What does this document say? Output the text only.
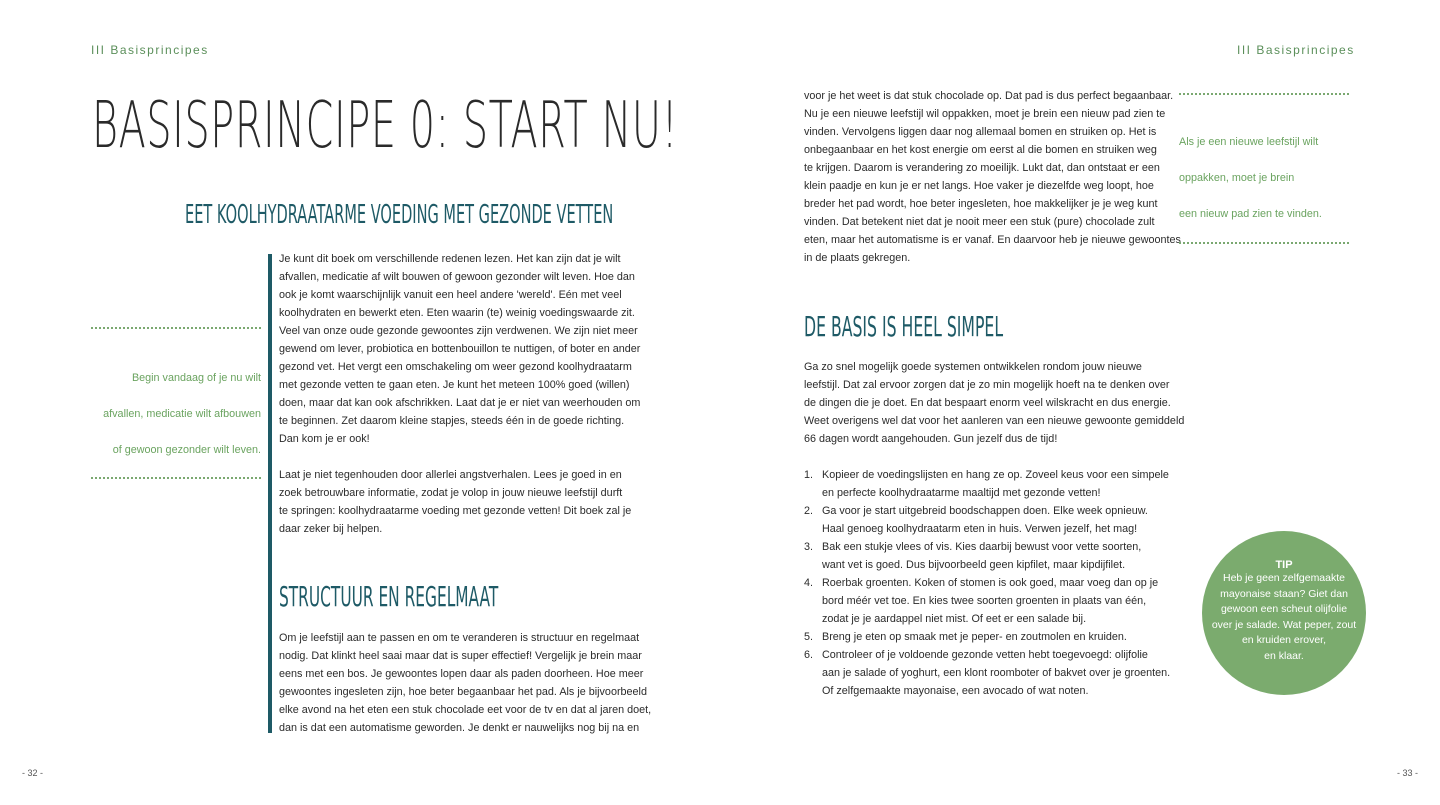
III Basisprincipes
BASISPRINCIPE 0: START NU!
EET KOOLHYDRAATARME VOEDING MET GEZONDE VETTEN
Je kunt dit boek om verschillende redenen lezen. Het kan zijn dat je wilt
afvallen, medicatie af wilt bouwen of gewoon gezonder wilt leven. Hoe dan
ook je komt waarschijnlijk vanuit een heel andere 'wereld'. Eén met veel
koolhydraten en bewerkt eten. Eten waarin (te) weinig voedingswaarde zit.
Veel van onze oude gezonde gewoontes zijn verdwenen. We zijn niet meer
gewend om lever, probiotica en bottenbouillon te nuttigen, of boter en ander
gezond vet. Het vergt een omschakeling om weer gezond koolhydraatarm
met gezonde vetten te gaan eten. Je kunt het meteen 100% goed (willen)
doen, maar dat kan ook afschrikken. Laat dat je er niet van weerhouden om
te beginnen. Zet daarom kleine stapjes, steeds één in de goede richting.
Dan kom je er ook!
Laat je niet tegenhouden door allerlei angstverhalen. Lees je goed in en
zoek betrouwbare informatie, zodat je volop in jouw nieuwe leefstijl durft
te springen: koolhydraatarme voeding met gezonde vetten! Dit boek zal je
daar zeker bij helpen.
STRUCTUUR EN REGELMAAT
Om je leefstijl aan te passen en om te veranderen is structuur en regelmaat
nodig. Dat klinkt heel saai maar dat is super effectief! Vergelijk je brein maar
eens met een bos. Je gewoontes lopen daar als paden doorheen. Hoe meer
gewoontes ingesleten zijn, hoe beter begaanbaar het pad. Als je bijvoorbeeld
elke avond na het eten een stuk chocolade eet voor de tv en dat al jaren doet,
dan is dat een automatisme geworden. Je denkt er nauwelijks nog bij na en
Begin vandaag of je nu wilt
afvallen, medicatie wilt afbouwen
of gewoon gezonder wilt leven.
- 32 -
III Basisprincipes
voor je het weet is dat stuk chocolade op. Dat pad is dus perfect begaanbaar.
Nu je een nieuwe leefstijl wil oppakken, moet je brein een nieuw pad zien te
vinden. Vervolgens liggen daar nog allemaal bomen en struiken op. Het is
onbegaanbaar en het kost energie om eerst al die bomen en struiken weg
te krijgen. Daarom is verandering zo moeilijk. Lukt dat, dan ontstaat er een
klein paadje en kun je er net langs. Hoe vaker je diezelfde weg loopt, hoe
breder het pad wordt, hoe beter ingesleten, hoe makkelijker je je weg kunt
vinden. Dat betekent niet dat je nooit meer een stuk (pure) chocolade zult
eten, maar het automatisme is er vanaf. En daarvoor heb je nieuwe gewoontes
in de plaats gekregen.
DE BASIS IS HEEL SIMPEL
Ga zo snel mogelijk goede systemen ontwikkelen rondom jouw nieuwe
leefstijl. Dat zal ervoor zorgen dat je zo min mogelijk hoeft na te denken over
de dingen die je doet. En dat bespaart enorm veel wilskracht en dus energie.
Weet overigens wel dat voor het aanleren van een nieuwe gewoonte gemiddeld
66 dagen wordt aangehouden. Gun jezelf dus de tijd!
1. Kopieer de voedingslijsten en hang ze op. Zoveel keus voor een simpele
en perfecte koolhydraatarme maaltijd met gezonde vetten!
2. Ga voor je start uitgebreid boodschappen doen. Elke week opnieuw.
Haal genoeg koolhydraatarm eten in huis. Verwen jezelf, het mag!
3. Bak een stukje vlees of vis. Kies daarbij bewust voor vette soorten,
want vet is goed. Dus bijvoorbeeld geen kipfilet, maar kipdijfilet.
4. Roerbak groenten. Koken of stomen is ook goed, maar voeg dan op je
bord méér vet toe. En kies twee soorten groenten in plaats van één,
zodat je je aardappel niet mist. Of eet er een salade bij.
5. Breng je eten op smaak met je peper- en zoutmolen en kruiden.
6. Controleer of je voldoende gezonde vetten hebt toegevoegd: olijfolie
aan je salade of yoghurt, een klont roomboter of bakvet over je groenten.
Of zelfgemaakte mayonaise, een avocado of wat noten.
Als je een nieuwe leefstijl wilt
oppakken, moet je brein
een nieuw pad zien te vinden.
TIP
Heb je geen zelfgemaakte
mayonaise staan? Giet dan
gewoon een scheut olijfolie
over je salade. Wat peper, zout
en kruiden erover,
en klaar.
- 33 -
